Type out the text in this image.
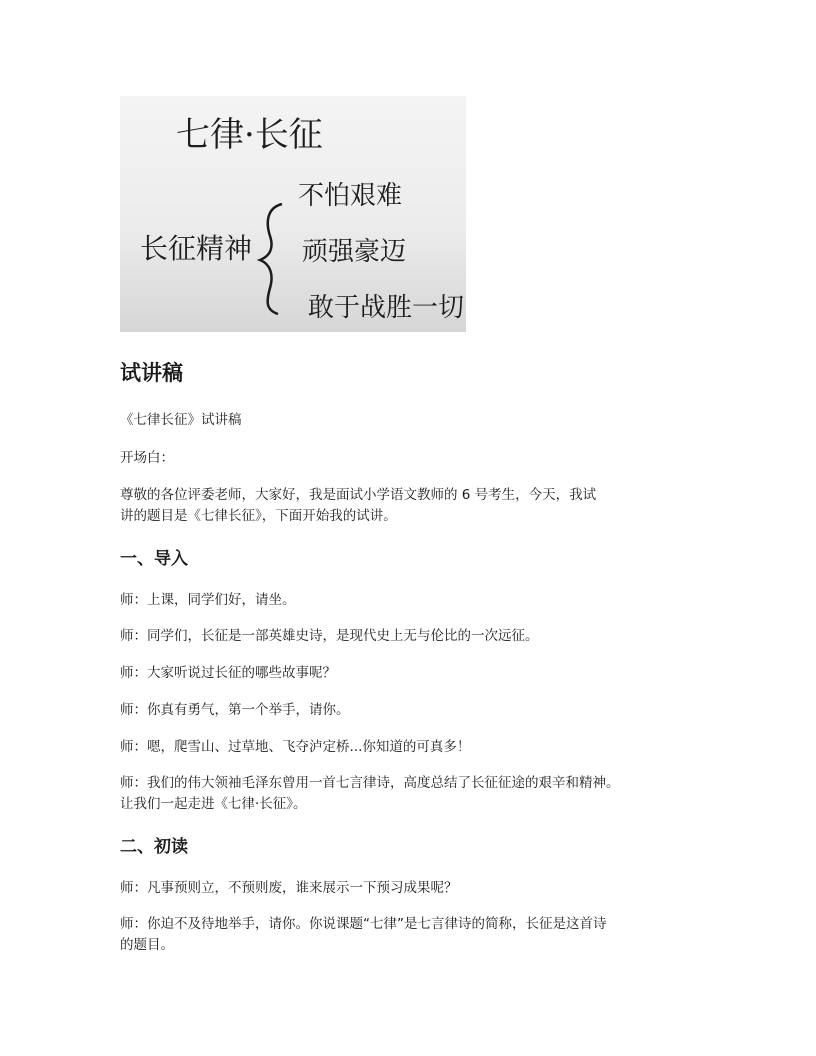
七律·长征
长征精神
不怕艰难
顽强豪迈
敢于战胜一切
试讲稿

《七律长征》试讲稿

开场白：

尊敬的各位评委老师，大家好，我是面试小学语文教师的 6 号考生，今天，我试

讲的题目是《七律长征》，下面开始我的试讲。

一、导入

师：上课，同学们好，请坐。

师：同学们，长征是一部英雄史诗，是现代史上无与伦比的一次远征。

师：大家听说过长征的哪些故事呢？

师：你真有勇气，第一个举手，请你。

师：嗯，爬雪山、过草地、飞夺泸定桥...你知道的可真多！

师：我们的伟大领袖毛泽东曾用一首七言律诗，高度总结了长征征途的艰辛和精神。

让我们一起走进《七律·长征》。

二、初读

师：凡事预则立，不预则废，谁来展示一下预习成果呢？

师：你迫不及待地举手，请你。你说课题“七律”是七言律诗的简称，长征是这首诗

的题目。
